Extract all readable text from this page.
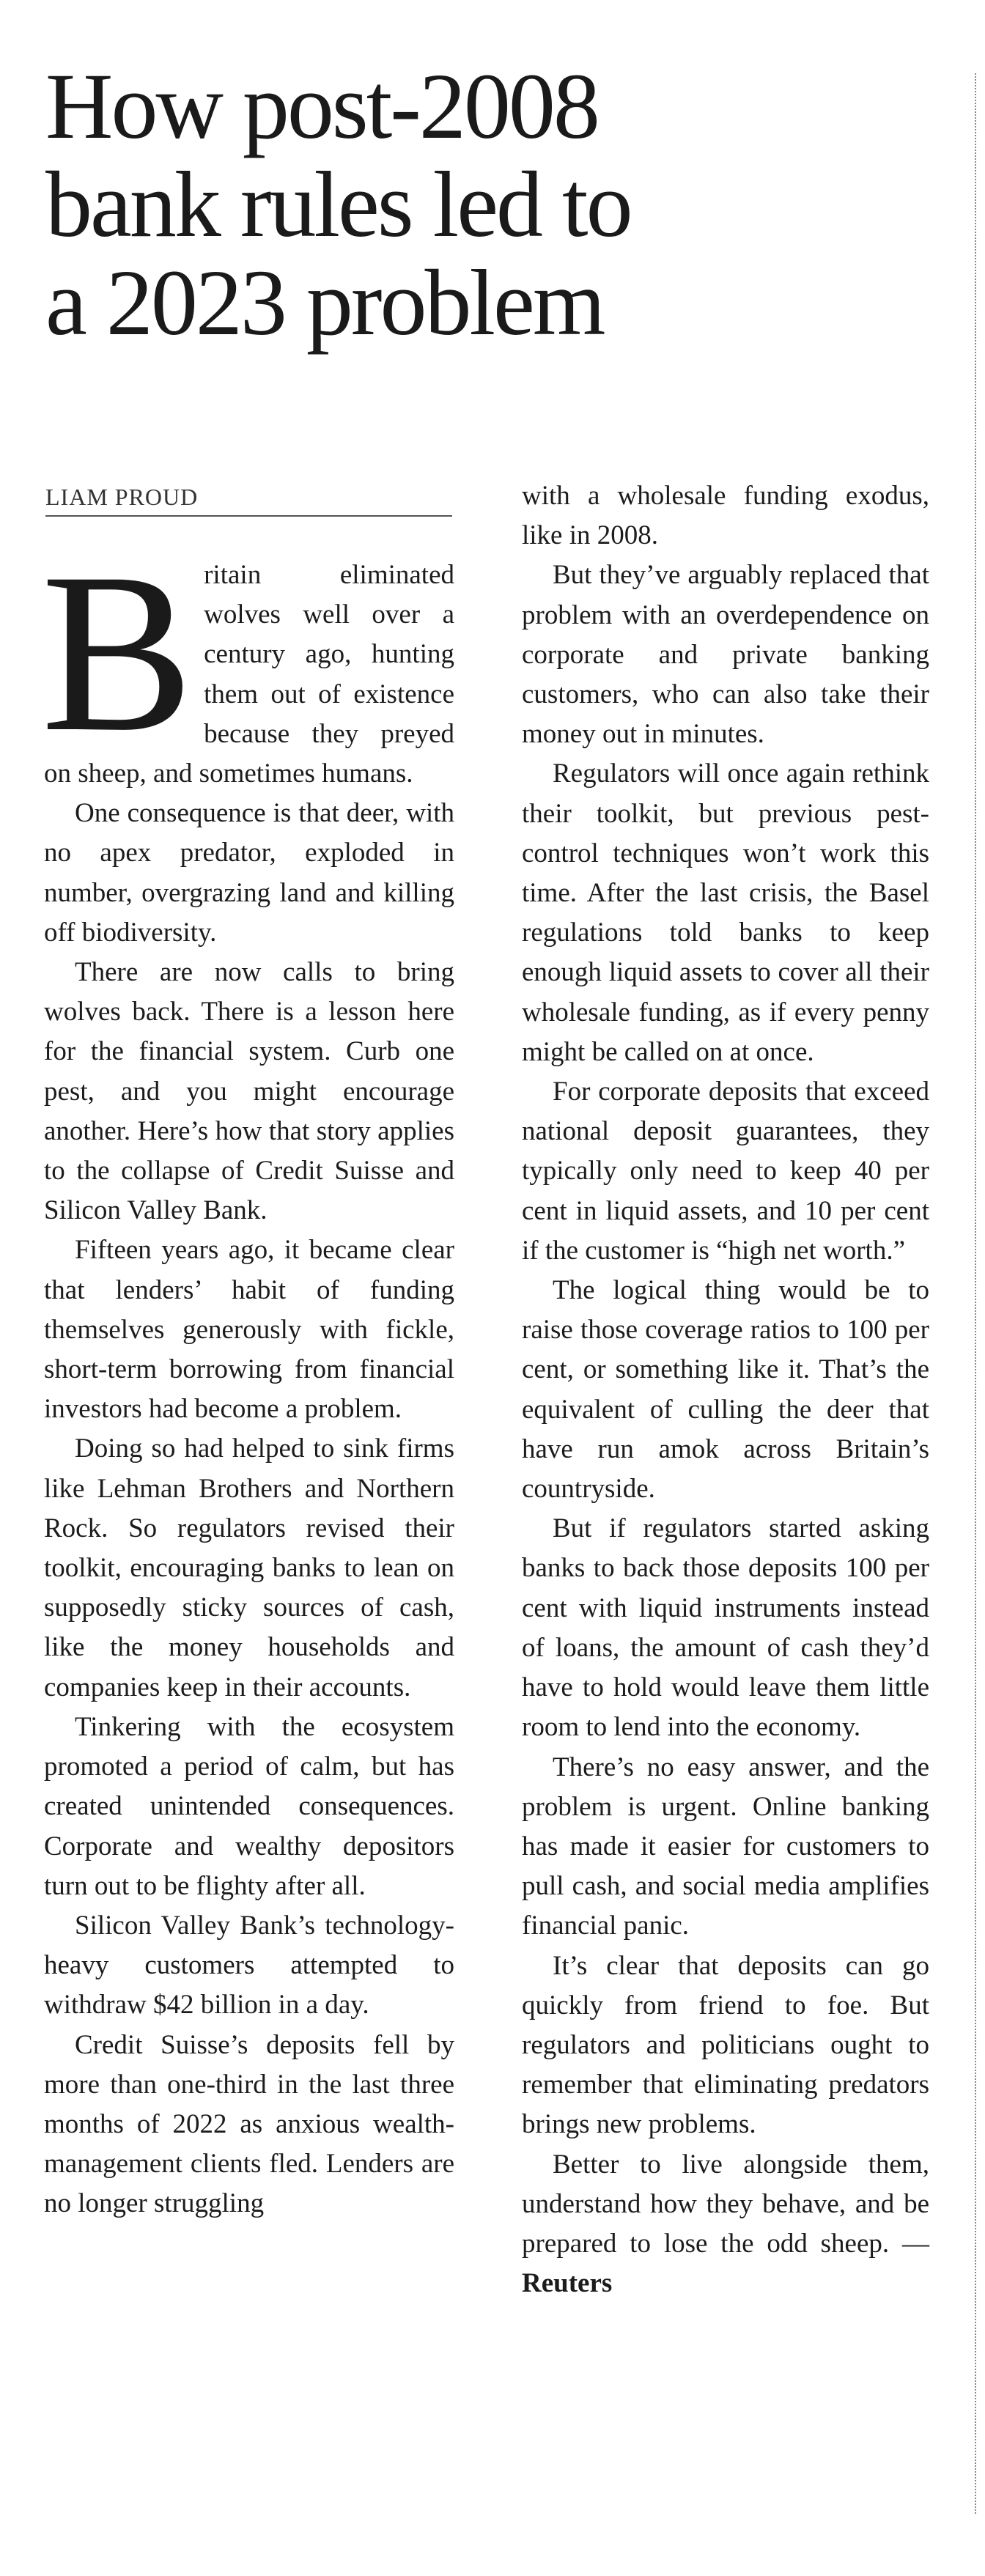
How post-2008
bank rules led to
a 2023 problem
LIAM PROUD

Britain eliminated wolves well over a century ago, hunting them out of existence because they preyed on sheep, and sometimes humans.

One consequence is that deer, with no apex predator, exploded in number, overgrazing land and killing off biodiversity.

There are now calls to bring wolves back. There is a lesson here for the financial system. Curb one pest, and you might encourage another. Here’s how that story applies to the collapse of Credit Suisse and Silicon Valley Bank.

Fifteen years ago, it became clear that lenders’ habit of funding themselves generously with fickle, short-term borrowing from financial investors had become a problem.

Doing so had helped to sink firms like Lehman Brothers and Northern Rock. So regulators revised their toolkit, encouraging banks to lean on supposedly sticky sources of cash, like the money households and companies keep in their accounts.

Tinkering with the ecosystem promoted a period of calm, but has created unintended consequences. Corporate and wealthy depositors turn out to be flighty after all.

Silicon Valley Bank’s technology-heavy customers attempted to withdraw $42 billion in a day.

Credit Suisse’s deposits fell by more than one-third in the last three months of 2022 as anxious wealth-management clients fled. Lenders are no longer struggling

with a wholesale funding exodus, like in 2008.

But they’ve arguably replaced that problem with an overdependence on corporate and private banking customers, who can also take their money out in minutes.

Regulators will once again rethink their toolkit, but previous pest-control techniques won’t work this time. After the last crisis, the Basel regulations told banks to keep enough liquid assets to cover all their wholesale funding, as if every penny might be called on at once.

For corporate deposits that exceed national deposit guarantees, they typically only need to keep 40 per cent in liquid assets, and 10 per cent if the customer is “high net worth.”

The logical thing would be to raise those coverage ratios to 100 per cent, or something like it. That’s the equivalent of culling the deer that have run amok across Britain’s countryside.

But if regulators started asking banks to back those deposits 100 per cent with liquid instruments instead of loans, the amount of cash they’d have to hold would leave them little room to lend into the economy.

There’s no easy answer, and the problem is urgent. Online banking has made it easier for customers to pull cash, and social media amplifies financial panic.

It’s clear that deposits can go quickly from friend to foe. But regulators and politicians ought to remember that eliminating predators brings new problems.

Better to live alongside them, understand how they behave, and be prepared to lose the odd sheep. — Reuters
